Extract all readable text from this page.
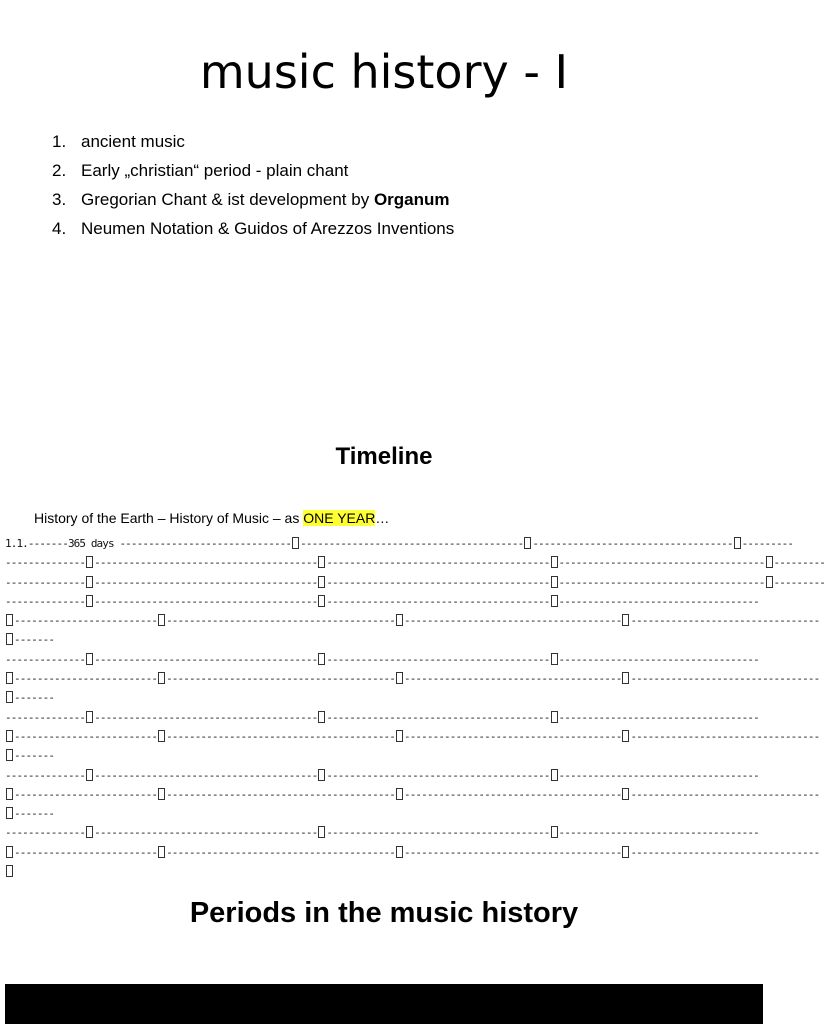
music history - I
1. ancient music
2. Early „christian“ period - plain chant
3. Gregorian Chant & ist development by Organum
4. Neumen Notation & Guidos of Arezzos Inventions
Timeline
History of the Earth – History of Music – as ONE YEAR…
1.1.-------365 days ------------------------------ --------------------------------------- ----------------------------------- ---------
-------------- --------------------------------------- --------------------------------------- ------------------------------------ ---------
-------------- --------------------------------------- --------------------------------------- ------------------------------------ ---------
-------------- --------------------------------------- --------------------------------------- -----------------------------------
------------------------- ---------------------------------------- -------------------------------------- ---------------------------------
-------
-------------- --------------------------------------- --------------------------------------- -----------------------------------
------------------------- ---------------------------------------- -------------------------------------- ---------------------------------
-------
-------------- --------------------------------------- --------------------------------------- -----------------------------------
------------------------- ---------------------------------------- -------------------------------------- ---------------------------------
-------
-------------- --------------------------------------- --------------------------------------- -----------------------------------
------------------------- ---------------------------------------- -------------------------------------- ---------------------------------
-------
-------------- --------------------------------------- --------------------------------------- -----------------------------------
------------------------- ---------------------------------------- -------------------------------------- ---------------------------------
Periods in the music history
